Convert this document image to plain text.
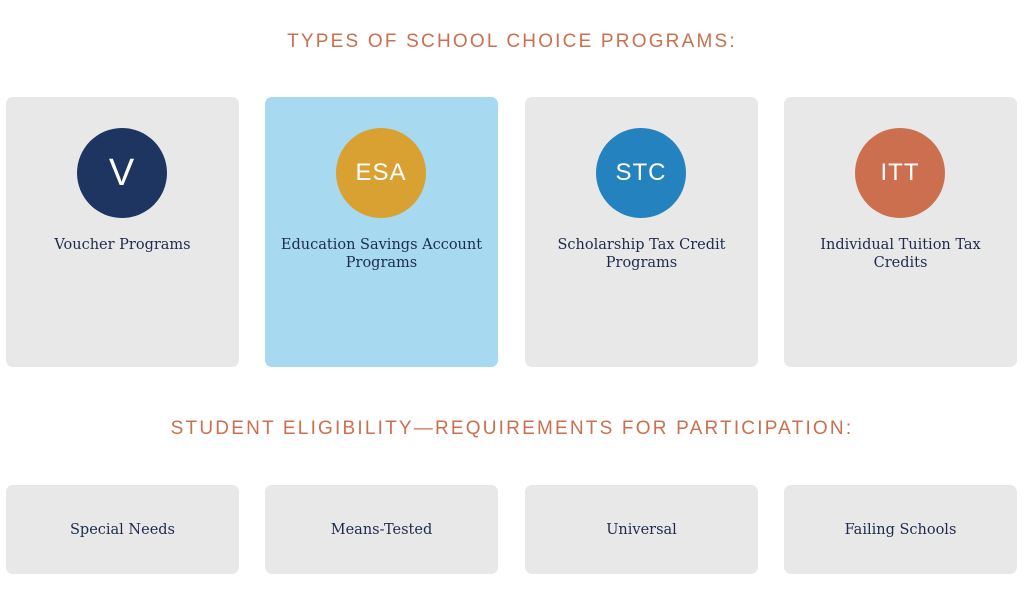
TYPES OF SCHOOL CHOICE PROGRAMS:
V
Voucher Programs
ESA
Education Savings Account Programs
STC
Scholarship Tax Credit Programs
ITT
Individual Tuition Tax Credits
STUDENT ELIGIBILITY—REQUIREMENTS FOR PARTICIPATION:
Special Needs	Means-Tested	Universal	Failing Schools
